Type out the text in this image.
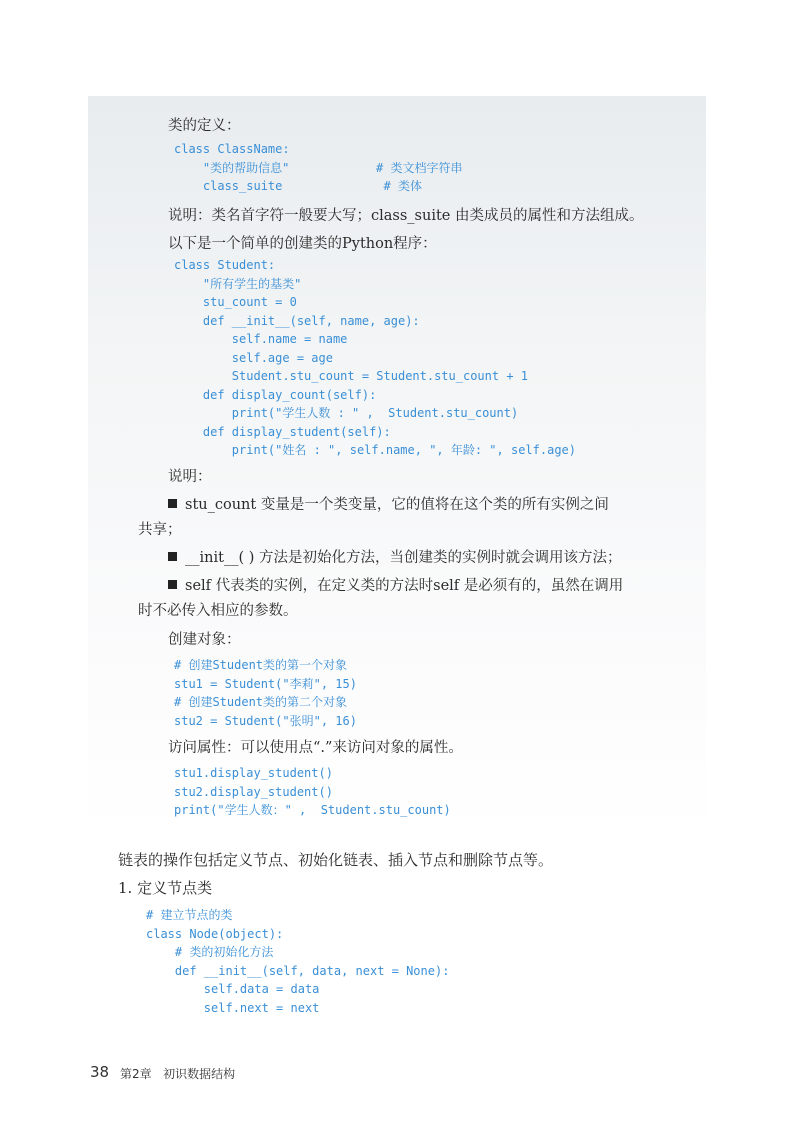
类的定义：
class ClassName:
"类的帮助信息"            # 类文档字符串
class_suite              # 类体
说明：类名首字符一般要大写；class_suite 由类成员的属性和方法组成。
以下是一个简单的创建类的Python程序：
class Student:
"所有学生的基类"
stu_count = 0
def __init__(self, name, age):
self.name = name
self.age = age
Student.stu_count = Student.stu_count + 1
def display_count(self):
print("学生人数 : " ,  Student.stu_count)
def display_student(self):
print("姓名 : ", self.name, ", 年龄: ", self.age)
说明：
stu_count 变量是一个类变量，它的值将在这个类的所有实例之间
共享；
__init__( ) 方法是初始化方法，当创建类的实例时就会调用该方法；
self 代表类的实例，在定义类的方法时self 是必须有的，虽然在调用
时不必传入相应的参数。
创建对象：
# 创建Student类的第一个对象
stu1 = Student("李莉", 15)
# 创建Student类的第二个对象
stu2 = Student("张明", 16)
访问属性：可以使用点“.”来访问对象的属性。
stu1.display_student()
stu2.display_student()
print("学生人数：" ,  Student.stu_count)
链表的操作包括定义节点、初始化链表、插入节点和删除节点等。
1. 定义节点类
# 建立节点的类
class Node(object):
# 类的初始化方法
def __init__(self, data, next = None):
self.data = data
self.next = next
38 第2章   初识数据结构
